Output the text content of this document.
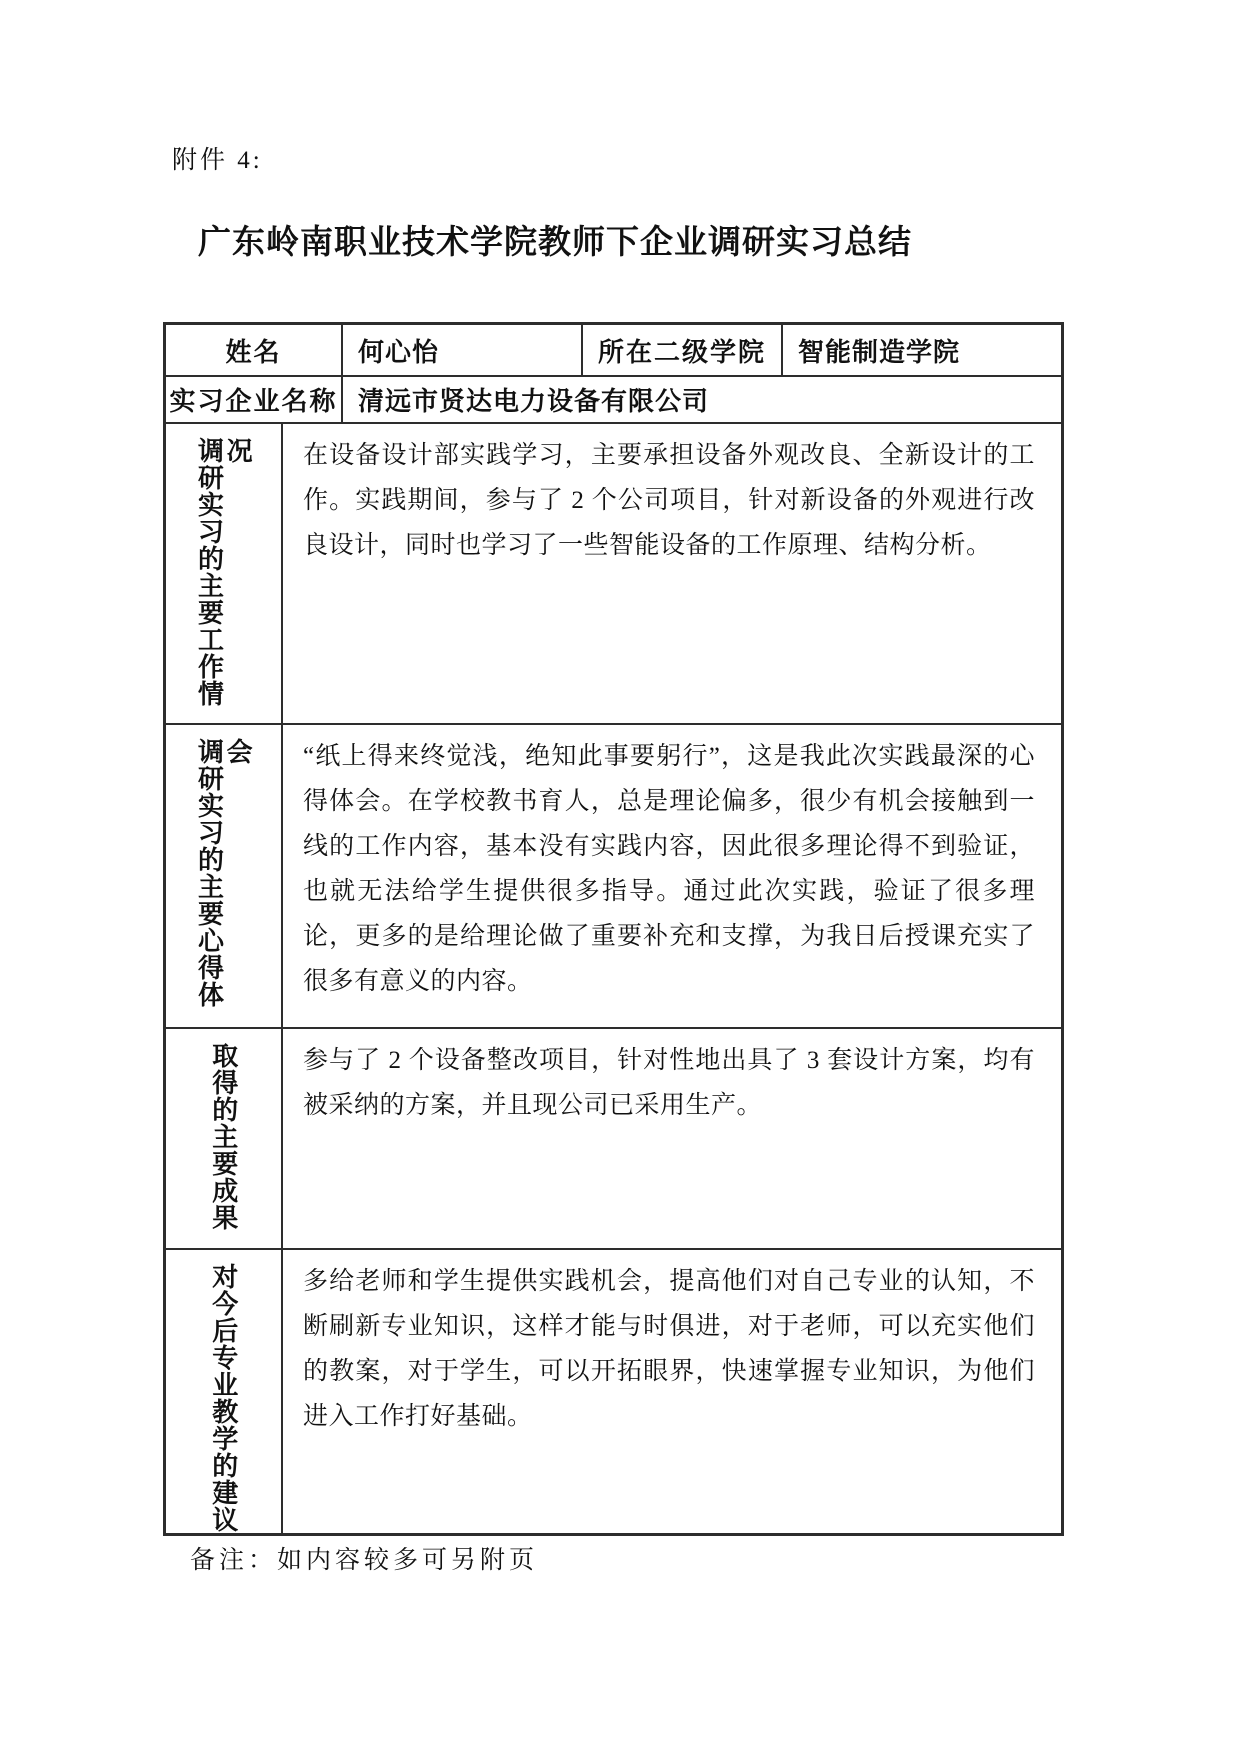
附件 4:
广东岭南职业技术学院教师下企业调研实习总结
姓名	何心怡	所在二级学院	智能制造学院
实习企业名称 清远市贤达电力设备有限公司
调研实习的主要工作情况	在设备设计部实践学习，主要承担设备外观改良、全新设计的工作。实践期间，参与了 2 个公司项目，针对新设备的外观进行改良设计，同时也学习了一些智能设备的工作原理、结构分析。
调研实习的主要心得体会	“纸上得来终觉浅，绝知此事要躬行”，这是我此次实践最深的心得体会。在学校教书育人，总是理论偏多，很少有机会接触到一线的工作内容，基本没有实践内容，因此很多理论得不到验证，也就无法给学生提供很多指导。通过此次实践，验证了很多理论，更多的是给理论做了重要补充和支撑，为我日后授课充实了很多有意义的内容。
取得的主要成果	参与了 2 个设备整改项目，针对性地出具了 3 套设计方案，均有被采纳的方案，并且现公司已采用生产。
对今后专业教学的建议	多给老师和学生提供实践机会，提高他们对自己专业的认知，不断刷新专业知识，这样才能与时俱进，对于老师，可以充实他们的教案，对于学生，可以开拓眼界，快速掌握专业知识，为他们进入工作打好基础。
备注：如内容较多可另附页
